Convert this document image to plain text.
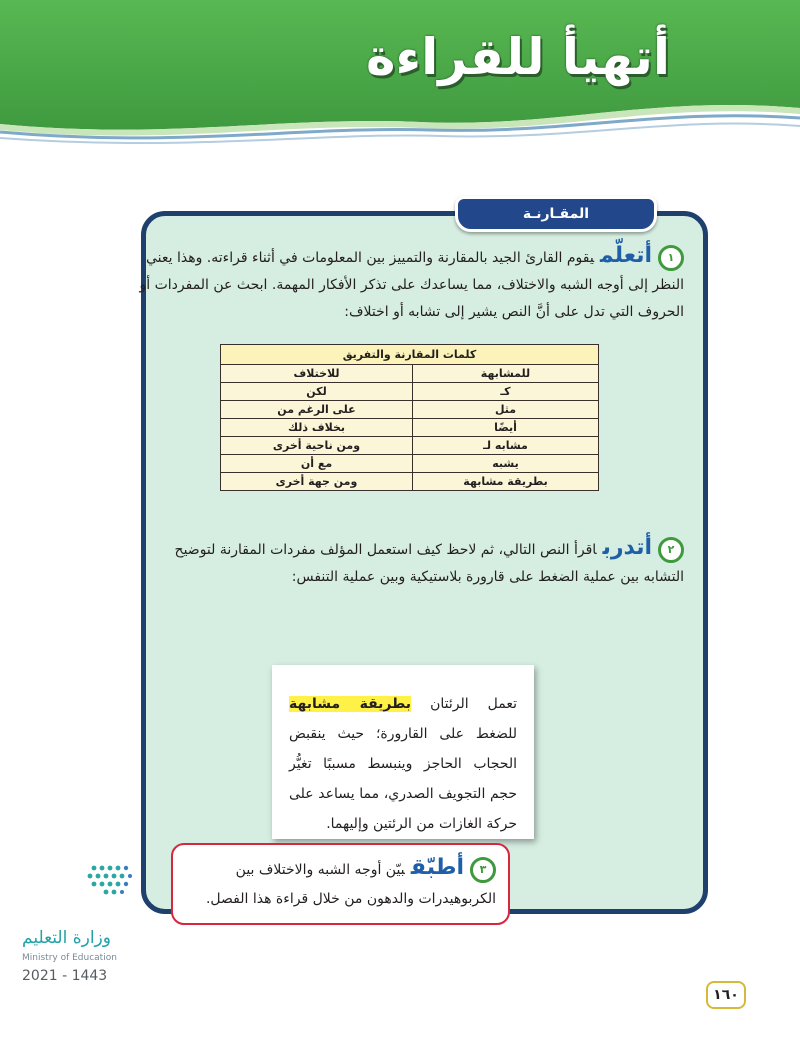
أتهيأ للقراءة
المقـارنـة
١أتعلّميقوم القارئ الجيد بالمقارنة والتمييز بين المعلومات في أثناء قراءته. وهذا يعني النظر إلى أوجه الشبه والاختلاف، مما يساعدك على تذكر الأفكار المهمة. ابحث عن المفردات أو الحروف التي تدل على أنَّ النص يشير إلى تشابه أو اختلاف:
كلمات المقارنة والتفريق	
للمشابهة	للاختلاف
كـ	لكن
مثل	على الرغم من
أيضًا	بخلاف ذلك
مشابه لـ	ومن ناحية أخرى
يشبه	مع أن
بطريقة مشابهة	ومن جهة أخرى
٢أتدرباقرأ النص التالي، ثم لاحظ كيف استعمل المؤلف مفردات المقارنة لتوضيح التشابه بين عملية الضغط على قارورة بلاستيكية وبين عملية التنفس:
تعمل الرئتان بطريقة مشابهة للضغط على القارورة؛ حيث ينقبض الحجاب الحاجز وينبسط مسببًا تغيُّر حجم التجويف الصدري، مما يساعد على حركة الغازات من الرئتين وإليهما.
٣أطبّقبيّن أوجه الشبه والاختلاف بين الكربوهيدرات والدهون من خلال قراءة هذا الفصل.
وزارة التعليم
Ministry of Education
2021 - 1443
١٦٠
